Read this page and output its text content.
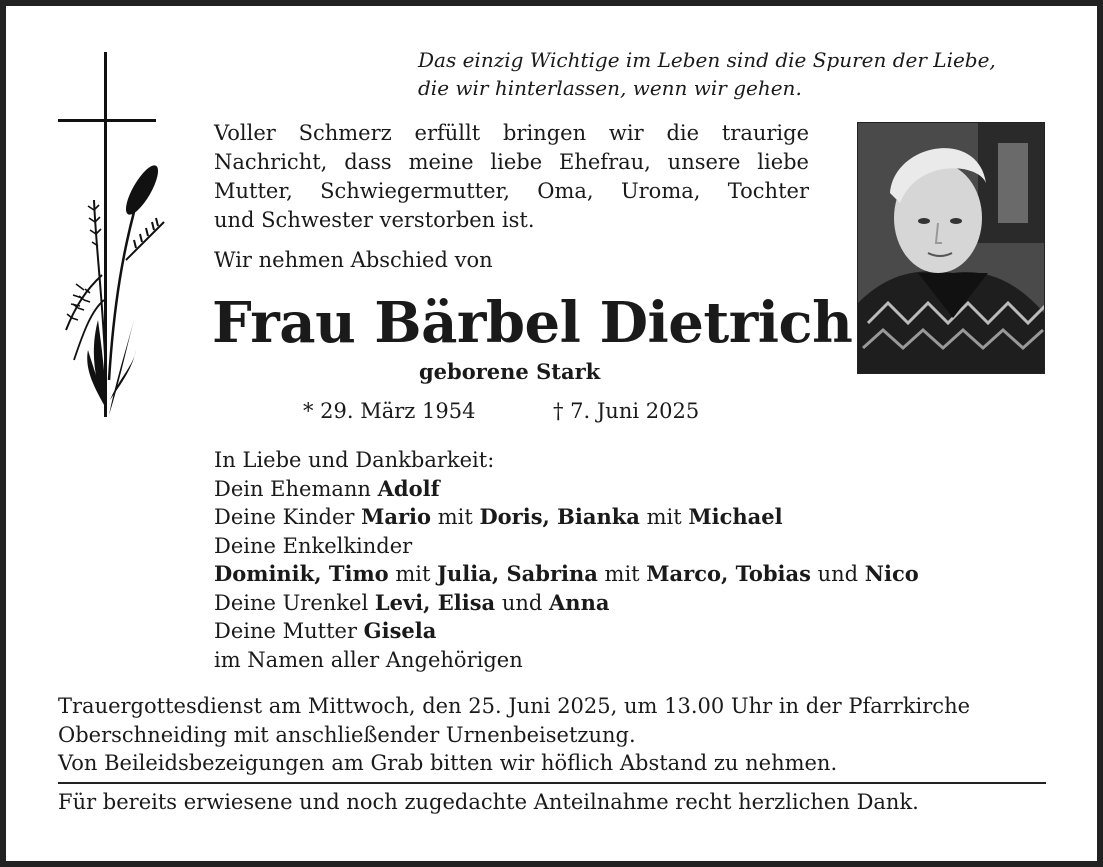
Das einzig Wichtige im Leben sind die Spuren der Liebe,
die wir hinterlassen, wenn wir gehen.
Voller Schmerz erfüllt bringen wir die traurige
Nachricht, dass meine liebe Ehefrau, unsere liebe
Mutter, Schwiegermutter, Oma, Uroma, Tochter
und Schwester verstorben ist.
Wir nehmen Abschied von
Frau Bärbel Dietrich
geborene Stark
* 29. März 1954	† 7. Juni 2025
In Liebe und Dankbarkeit:
Dein Ehemann Adolf
Deine Kinder Mario mit Doris, Bianka mit Michael
Deine Enkelkinder
Dominik, Timo mit Julia, Sabrina mit Marco, Tobias und Nico
Deine Urenkel Levi, Elisa und Anna
Deine Mutter Gisela
im Namen aller Angehörigen
Trauergottesdienst am Mittwoch, den 25. Juni 2025, um 13.00 Uhr in der Pfarrkirche
Oberschneiding mit anschließender Urnenbeisetzung.
Von Beileidsbezeigungen am Grab bitten wir höflich Abstand zu nehmen.
Für bereits erwiesene und noch zugedachte Anteilnahme recht herzlichen Dank.
